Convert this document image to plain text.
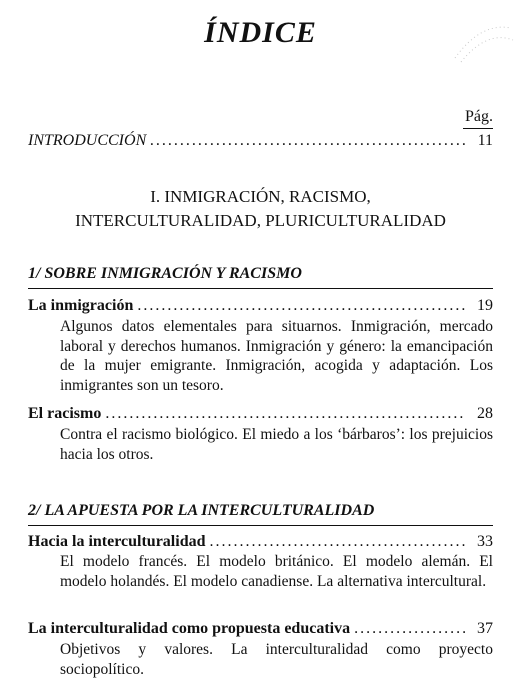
ÍNDICE
Pág.
INTRODUCCIÓN . . .	11
I. INMIGRACIÓN, RACISMO,
INTERCULTURALIDAD, PLURICULTURALIDAD
1/ SOBRE INMIGRACIÓN Y RACISMO
La inmigración . . .	19
Algunos datos elementales para situarnos. Inmigración, mercado laboral y derechos humanos. Inmigración y género: la emancipación de la mujer emigrante. Inmigración, acogida y adaptación. Los inmigrantes son un tesoro.
El racismo . . .	28
Contra el racismo biológico. El miedo a los ‘bárbaros’: los prejuicios hacia los otros.
2/ LA APUESTA POR LA INTERCULTURALIDAD
Hacia la interculturalidad . . .	33
El modelo francés. El modelo británico. El modelo alemán. El modelo holandés. El modelo canadiense. La alternativa intercultural.
La interculturalidad como propuesta educativa . . .	37
Objetivos y valores. La interculturalidad como proyecto sociopolítico.
